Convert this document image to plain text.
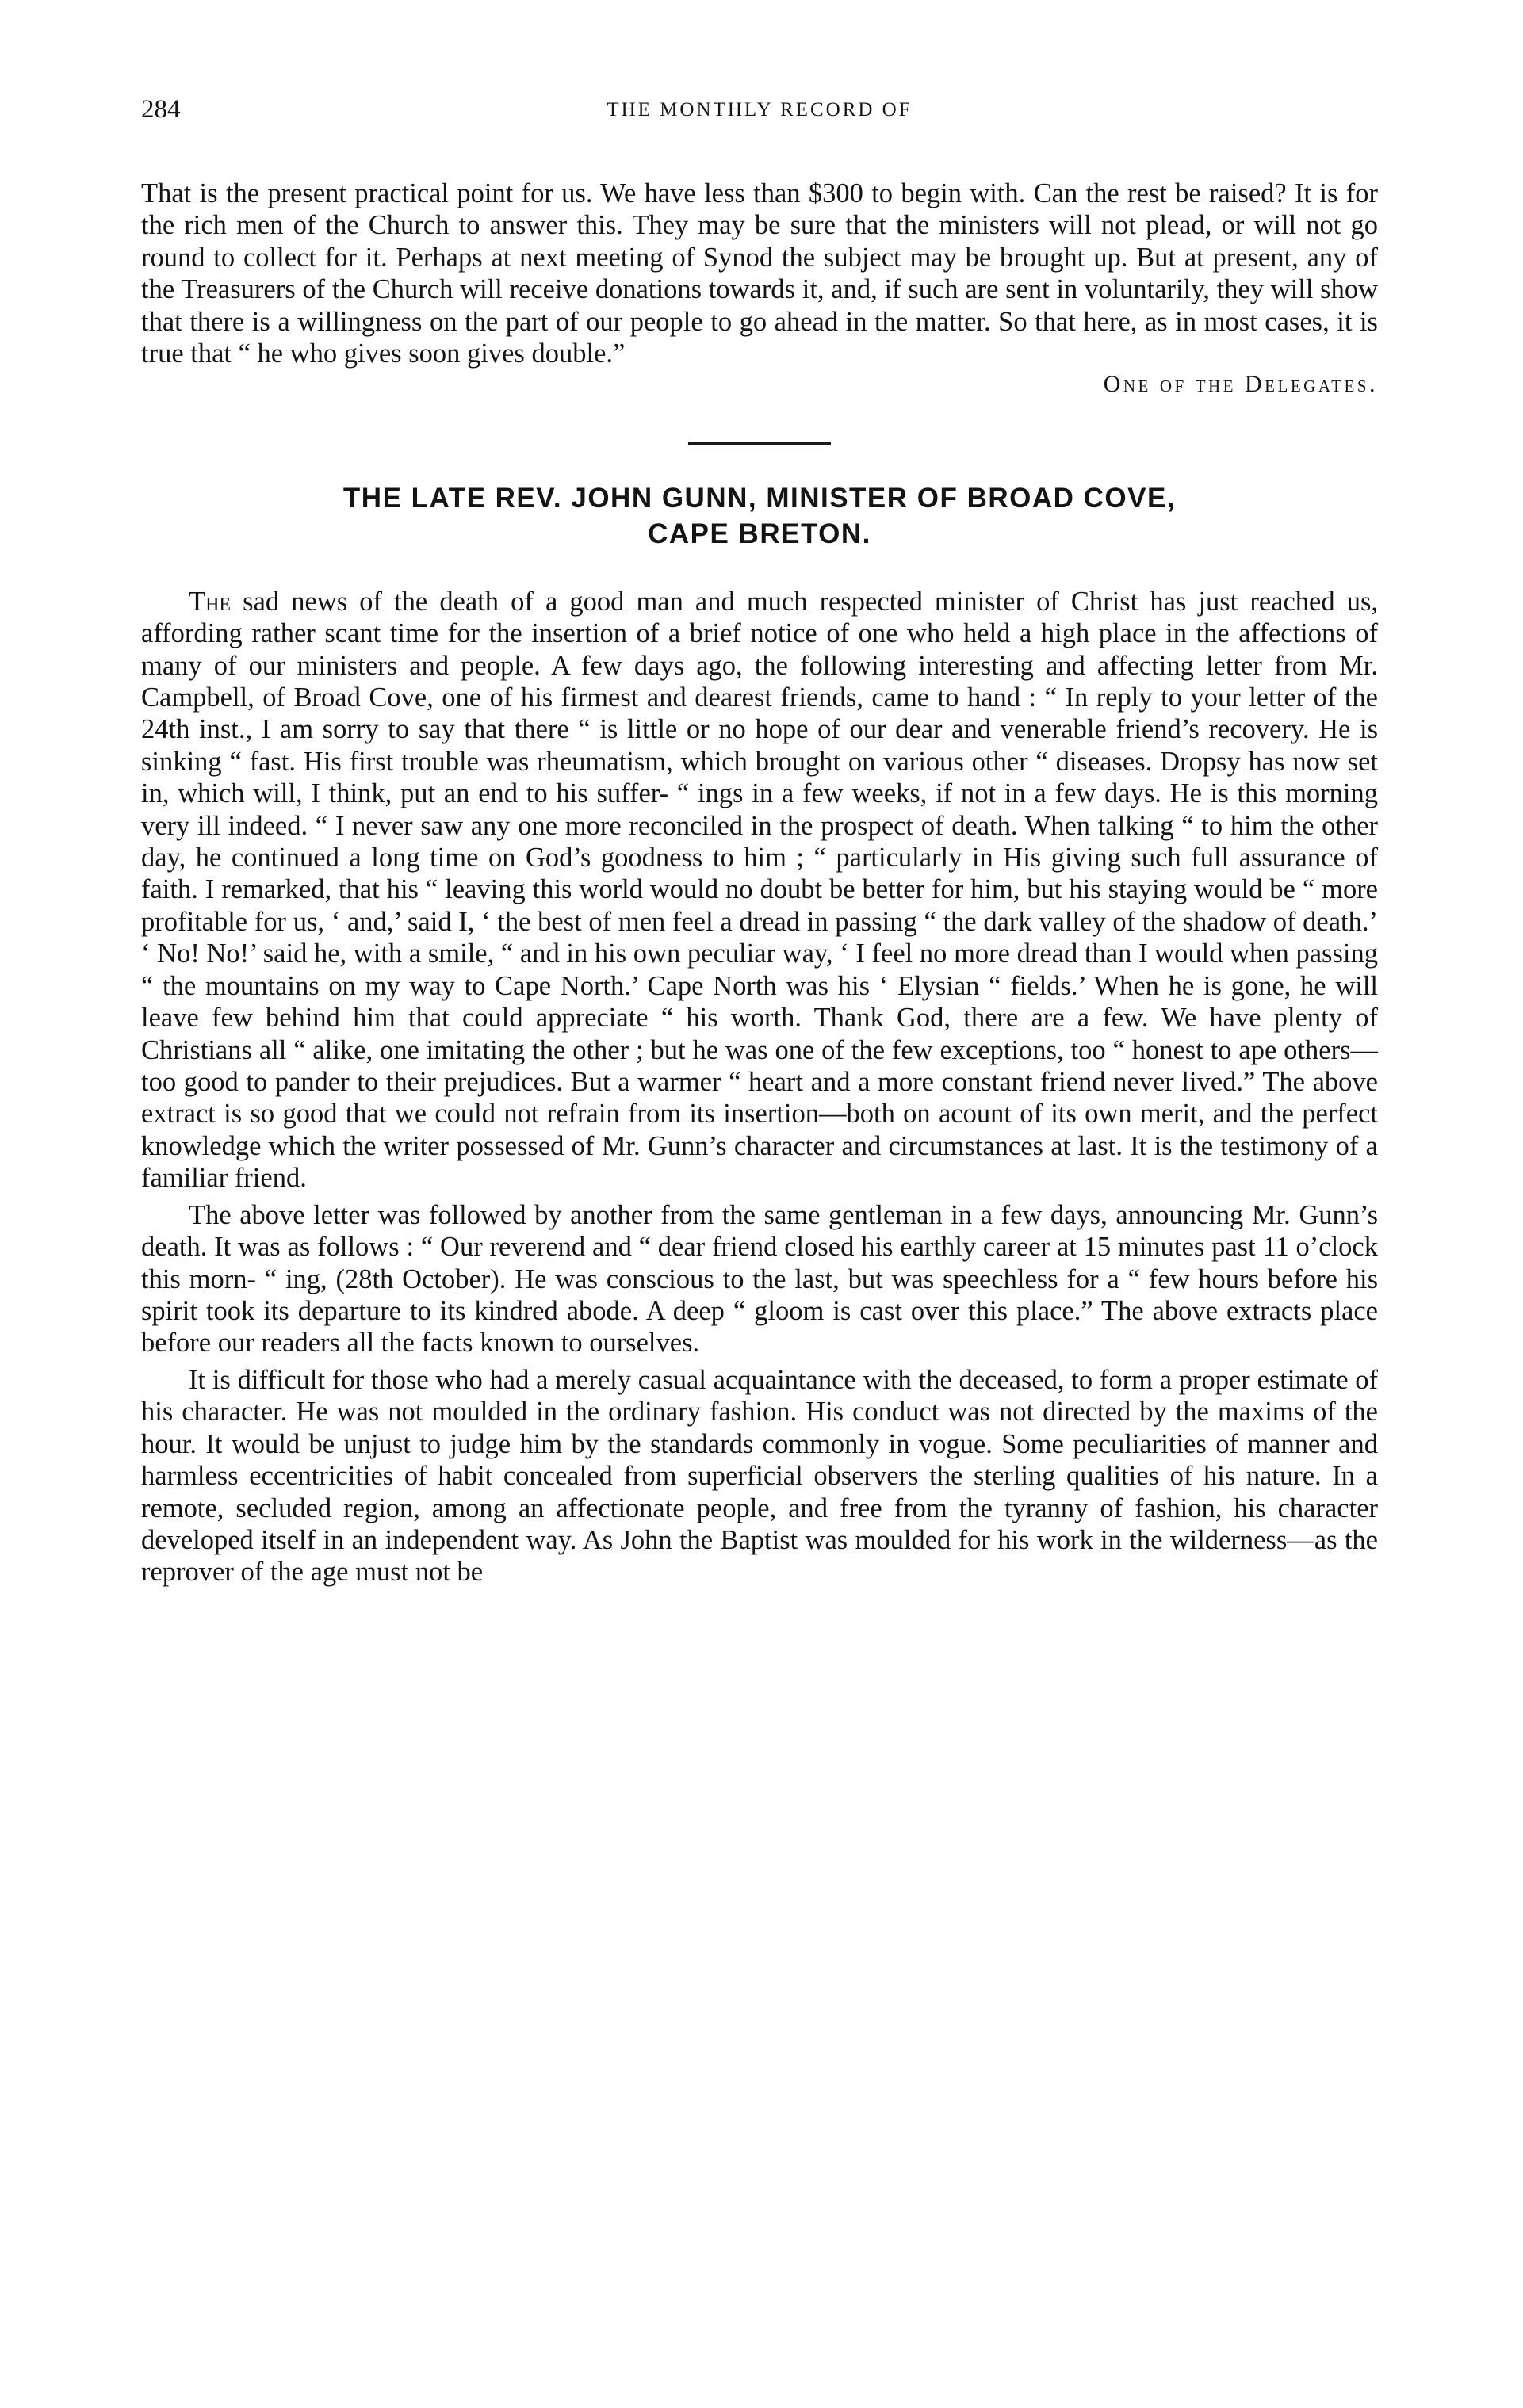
284	THE MONTHLY RECORD OF

That is the present practical point for us. We have less than $300 to begin with. Can the rest be raised? It is for the rich men of the Church to answer this. They may be sure that the ministers will not plead, or will not go round to collect for it. Perhaps at next meeting of Synod the subject may be brought up. But at present, any of the Treasurers of the Church will receive donations towards it, and, if such are sent in voluntarily, they will show that there is a willingness on the part of our people to go ahead in the matter. So that here, as in most cases, it is true that “ he who gives soon gives double.”

One of the Delegates.

THE LATE REV. JOHN GUNN, MINISTER OF BROAD COVE,
CAPE BRETON.

The sad news of the death of a good man and much respected minister of Christ has just reached us, affording rather scant time for the insertion of a brief notice of one who held a high place in the affections of many of our ministers and people. A few days ago, the following interesting and affecting letter from Mr. Campbell, of Broad Cove, one of his firmest and dearest friends, came to hand : “ In reply to your letter of the 24th inst., I am sorry to say that there “ is little or no hope of our dear and venerable friend’s recovery. He is sinking “ fast. His first trouble was rheumatism, which brought on various other “ diseases. Dropsy has now set in, which will, I think, put an end to his suffer- “ ings in a few weeks, if not in a few days. He is this morning very ill indeed. “ I never saw any one more reconciled in the prospect of death. When talking “ to him the other day, he continued a long time on God’s goodness to him ; “ particularly in His giving such full assurance of faith. I remarked, that his “ leaving this world would no doubt be better for him, but his staying would be “ more profitable for us, ‘ and,’ said I, ‘ the best of men feel a dread in passing “ the dark valley of the shadow of death.’ ‘ No! No!’ said he, with a smile, “ and in his own peculiar way, ‘ I feel no more dread than I would when passing “ the mountains on my way to Cape North.’ Cape North was his ‘ Elysian “ fields.’ When he is gone, he will leave few behind him that could appreciate “ his worth. Thank God, there are a few. We have plenty of Christians all “ alike, one imitating the other ; but he was one of the few exceptions, too “ honest to ape others—too good to pander to their prejudices. But a warmer “ heart and a more constant friend never lived.” The above extract is so good that we could not refrain from its insertion—both on acount of its own merit, and the perfect knowledge which the writer possessed of Mr. Gunn’s character and circumstances at last. It is the testimony of a familiar friend.

The above letter was followed by another from the same gentleman in a few days, announcing Mr. Gunn’s death. It was as follows : “ Our reverend and “ dear friend closed his earthly career at 15 minutes past 11 o’clock this morn- “ ing, (28th October). He was conscious to the last, but was speechless for a “ few hours before his spirit took its departure to its kindred abode. A deep “ gloom is cast over this place.” The above extracts place before our readers all the facts known to ourselves.

It is difficult for those who had a merely casual acquaintance with the deceased, to form a proper estimate of his character. He was not moulded in the ordinary fashion. His conduct was not directed by the maxims of the hour. It would be unjust to judge him by the standards commonly in vogue. Some peculiarities of manner and harmless eccentricities of habit concealed from superficial observers the sterling qualities of his nature. In a remote, secluded region, among an affectionate people, and free from the tyranny of fashion, his character developed itself in an independent way. As John the Baptist was moulded for his work in the wilderness—as the reprover of the age must not be
